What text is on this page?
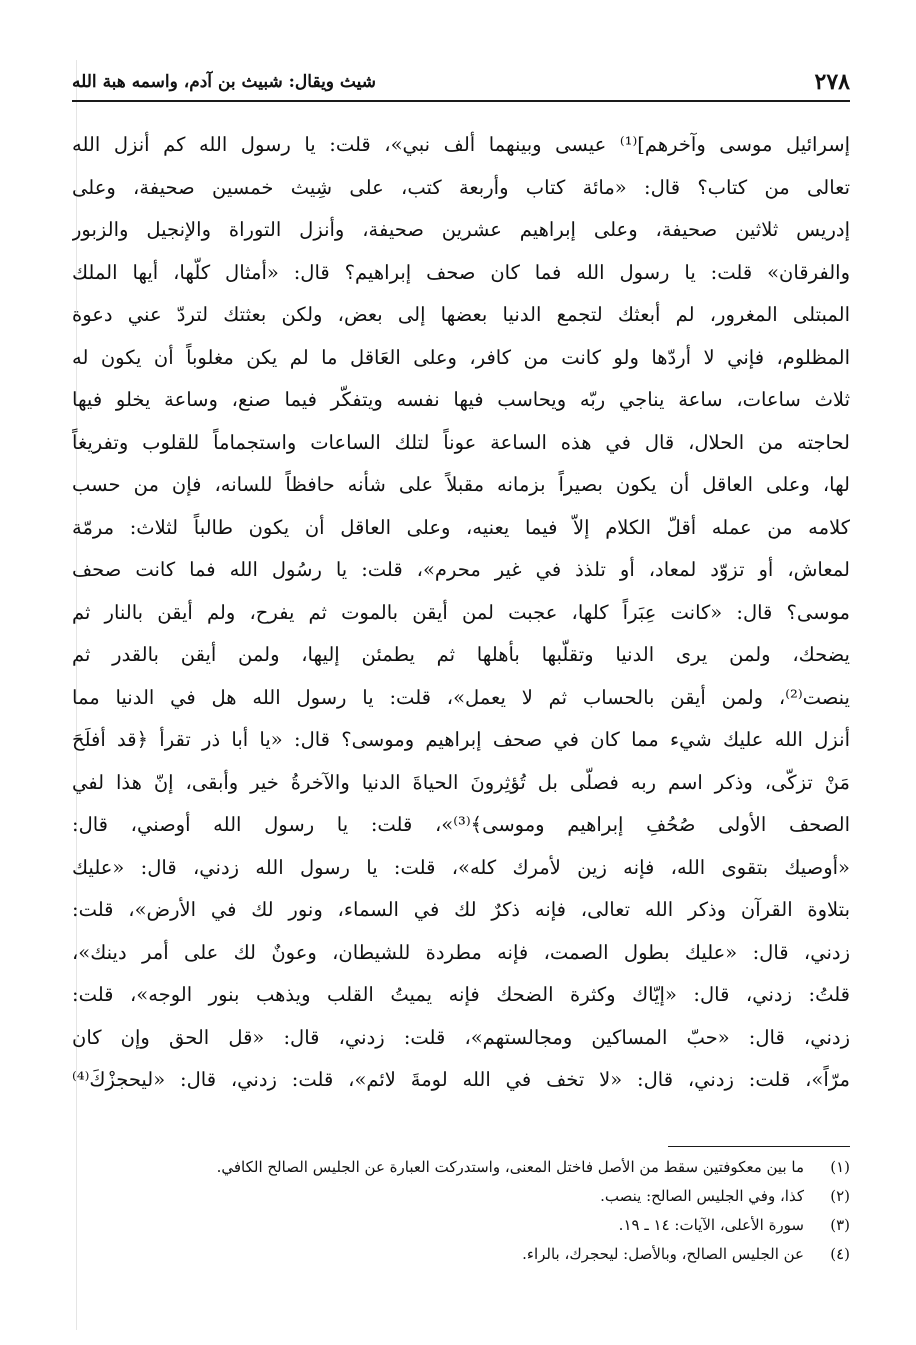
٢٧٨
شيث ويقال: شبيث بن آدم، واسمه هبة الله
إسرائيل موسى وآخرهم]⁽¹⁾ عيسى وبينهما ألف نبي»، قلت: يا رسول الله كم أنزل الله
تعالى من كتاب؟ قال: «مائة كتاب وأربعة كتب، على شِيث خمسين صحيفة، وعلى
إدريس ثلاثين صحيفة، وعلى إبراهيم عشرين صحيفة، وأنزل التوراة والإنجيل والزبور
والفرقان» قلت: يا رسول الله فما كان صحف إبراهيم؟ قال: «أمثال كلّها، أيها الملك
المبتلى المغرور، لم أبعثك لتجمع الدنيا بعضها إلى بعض، ولكن بعثتك لتردّ عني دعوة
المظلوم، فإني لا أردّها ولو كانت من كافر، وعلى العَاقل ما لم يكن مغلوباً أن يكون له
ثلاث ساعات، ساعة يناجي ربّه ويحاسب فيها نفسه ويتفكّر فيما صنع، وساعة يخلو فيها
لحاجته من الحلال، قال في هذه الساعة عوناً لتلك الساعات واستجماماً للقلوب وتفريغاً
لها، وعلى العاقل أن يكون بصيراً بزمانه مقبلاً على شأنه حافظاً للسانه، فإن من حسب
كلامه من عمله أقلّ الكلام إلاّ فيما يعنيه، وعلى العاقل أن يكون طالباً لثلاث: مرمّة
لمعاش، أو تزوّد لمعاد، أو تلذذ في غير محرم»، قلت: يا رسُول الله فما كانت صحف
موسى؟ قال: «كانت عِبَراً كلها، عجبت لمن أيقن بالموت ثم يفرح، ولم أيقن بالنار ثم
يضحك، ولمن يرى الدنيا وتقلّبها بأهلها ثم يطمئن إليها، ولمن أيقن بالقدر ثم
ينصت⁽²⁾، ولمن أيقن بالحساب ثم لا يعمل»، قلت: يا رسول الله هل في الدنيا مما
أنزل الله عليك شيء مما كان في صحف إبراهيم وموسى؟ قال: «يا أبا ذر تقرأ ﴿قد أفلَحَ
مَنْ تزكّى، وذكر اسم ربه فصلّى بل تُؤثِرونَ الحياةَ الدنيا والآخرةُ خير وأبقى، إنّ هذا لفي
الصحف الأولى صُحُفِ إبراهيم وموسى﴾⁽³⁾»، قلت: يا رسول الله أوصني، قال:
«أوصيك بتقوى الله، فإنه زين لأمرك كله»، قلت: يا رسول الله زدني، قال: «عليك
بتلاوة القرآن وذكر الله تعالى، فإنه ذكرٌ لك في السماء، ونور لك في الأرض»، قلت:
زدني، قال: «عليك بطول الصمت، فإنه مطردة للشيطان، وعونٌ لك على أمر دينك»،
قلتُ: زدني، قال: «إيّاك وكثرة الضحك فإنه يميتُ القلب ويذهب بنور الوجه»، قلت:
زدني، قال: «حبّ المساكين ومجالستهم»، قلت: زدني، قال: «قل الحق وإن كان
مرّاً»، قلت: زدني، قال: «لا تخف في الله لومةَ لائم»، قلت: زدني، قال: «ليحجزْكَ⁽⁴⁾
(١)
ما بين معكوفتين سقط من الأصل فاختل المعنى، واستدركت العبارة عن الجليس الصالح الكافي.
(٢)
كذا، وفي الجليس الصالح: ينصب.
(٣)
سورة الأعلى، الآيات: ١٤ ـ ١٩.
(٤)
عن الجليس الصالح، وبالأصل: ليحجرك، بالراء.
